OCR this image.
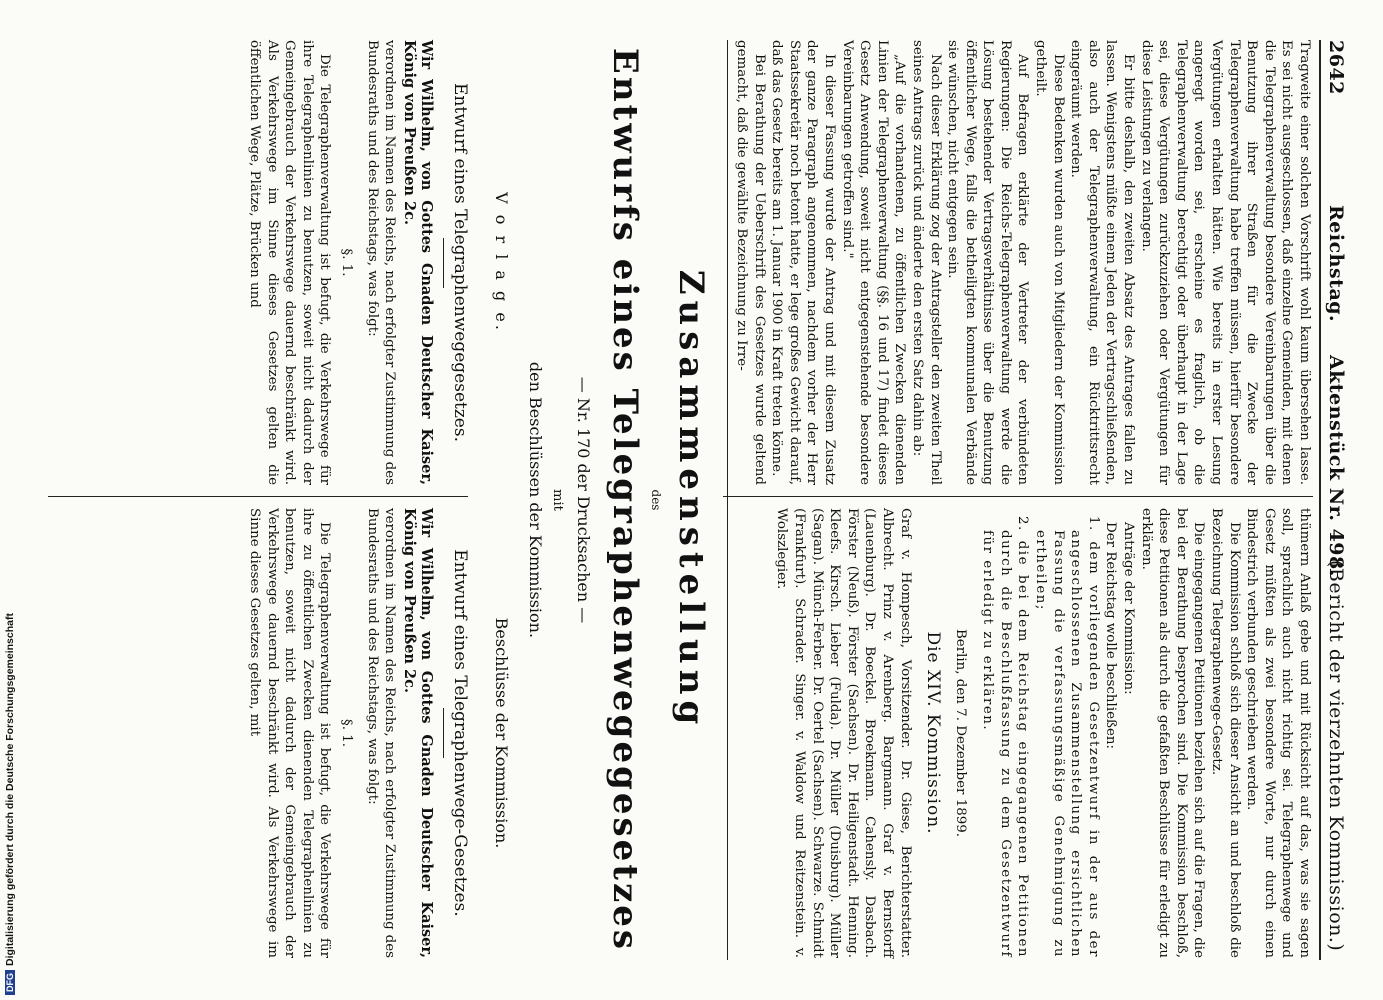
2642
Reichstag.
Aktenstück Nr. 498.
(Bericht der vierzehnten Kommission.)

Tragweite einer solchen Vorschrift wohl kaum übersehen lasse. Es sei nicht ausgeschlossen, daß einzelne Gemeinden, mit denen die Telegraphenverwaltung besondere Vereinbarungen über die Benutzung ihrer Straßen für die Zwecke der Telegraphenverwaltung habe treffen müssen, hierfür besondere Vergütungen erhalten hätten. Wie bereits in erster Lesung angeregt worden sei, erscheine es fraglich, ob die Telegraphenverwaltung berechtigt oder überhaupt in der Lage sei, diese Vergütungen zurückzuziehen oder Vergütungen für diese Leistungen zu verlangen.

Er bitte deshalb, den zweiten Absatz des Antrages fallen zu lassen. Wenigstens müßte einem Jeden der Vertragschließenden, also auch der Telegraphenverwaltung, ein Rücktrittsrecht eingeräumt werden.

Diese Bedenken wurden auch von Mitgliedern der Kommission getheilt.

Auf Befragen erklärte der Vertreter der verbündeten Regierungen: Die Reichs-Telegraphenverwaltung werde die Lösung bestehender Vertragsverhältnisse über die Benutzung öffentlicher Wege, falls die betheiligten kommunalen Verbände sie wünschen, nicht entgegen sein.

Nach dieser Erklärung zog der Antragsteller den zweiten Theil seines Antrags zurück und änderte den ersten Satz dahin ab:

„Auf die vorhandenen, zu öffentlichen Zwecken dienenden Linien der Telegraphenverwaltung (§§. 16 und 17) findet dieses Gesetz Anwendung, soweit nicht entgegenstehende besondere Vereinbarungen getroffen sind."

In dieser Fassung wurde der Antrag und mit diesem Zusatz der ganze Paragraph angenommen, nachdem vorher der Herr Staatssekretär noch betont hatte, er lege großes Gewicht darauf, daß das Gesetz bereits am 1. Januar 1900 in Kraft treten könne.

Bei Berathung der Ueberschrift des Gesetzes wurde geltend gemacht, daß die gewählte Bezeichnung zu Irre-

thümern Anlaß gebe und mit Rücksicht auf das, was sie sagen soll, sprachlich auch nicht richtig sei. Telegraphenwege und Gesetz müßten als zwei besondere Worte, nur durch einen Bindestrich verbunden geschrieben werden.

Die Kommission schloß sich dieser Ansicht an und beschloß die Bezeichnung Telegraphenwege-Gesetz.

Die eingegangenen Petitionen beziehen sich auf die Fragen, die bei der Berathung besprochen sind. Die Kommission beschloß, diese Petitionen als durch die gefaßten Beschlüsse für erledigt zu erklären.

Anträge der Kommission:

Der Reichstag wolle beschließen:

1. dem vorliegenden Gesetzentwurf in der aus der angeschlossenen Zusammenstellung ersichtlichen Fassung die verfassungsmäßige Genehmigung zu ertheilen;

2. die bei dem Reichstag eingegangenen Petitionen durch die Beschlußfassung zu dem Gesetzentwurf für erledigt zu erklären.

Berlin, den 7. Dezember 1899.
Die XIV. Kommission.
Graf v. Hompesch, Vorsitzender. Dr. Giese, Berichterstatter. Albrecht. Prinz v. Arenberg. Bargmann. Graf v. Bernstorff (Lauenburg). Dr. Boeckel. Broekmann. Cahensly. Dasbach. Förster (Neuß). Förster (Sachsen). Dr. Heiligenstadt. Henning. Kleefs. Kirsch. Lieber (Fulda). Dr. Müller (Duisburg). Müller (Sagan). Münch-Ferber. Dr. Oertel (Sachsen). Schwarze. Schmidt (Frankfurt). Schrader. Singer. v. Waldow und Reitzenstein. v. Wolszlegier.
Zusammenstellung
des
Entwurfs eines Telegraphenwegegesetzes
— Nr. 170 der Drucksachen —
mit
den Beschlüssen der Kommission.
V o r l a g e.
Beschlüsse der Kommission.
Entwurf eines Telegraphenwegegesetzes.

Wir Wilhelm, von Gottes Gnaden Deutscher Kaiser, König von Preußen 2c.

verordnen im Namen des Reichs, nach erfolgter Zustimmung des Bundesraths und des Reichstags, was folgt:

§. 1.

Die Telegraphenverwaltung ist befugt, die Verkehrswege für ihre Telegraphenlinien zu benutzen, soweit nicht dadurch der Gemeingebrauch der Verkehrswege dauernd beschränkt wird. Als Verkehrswege im Sinne dieses Gesetzes gelten die öffentlichen Wege, Plätze, Brücken und

Entwurf eines Telegraphenwege-Gesetzes.

Wir Wilhelm, von Gottes Gnaden Deutscher Kaiser, König von Preußen 2c.

verordnen im Namen des Reichs, nach erfolgter Zustimmung des Bundesraths und des Reichstags, was folgt:

§. 1.

Die Telegraphenverwaltung ist befugt, die Verkehrswege für ihre zu öffentlichen Zwecken dienenden Telegraphenlinien zu benutzen, soweit nicht dadurch der Gemeingebrauch der Verkehrswege dauernd beschränkt wird. Als Verkehrswege im Sinne dieses Gesetzes gelten, mit

DFG
Digitalisierung gefördert durch die Deutsche Forschungsgemeinschaft
